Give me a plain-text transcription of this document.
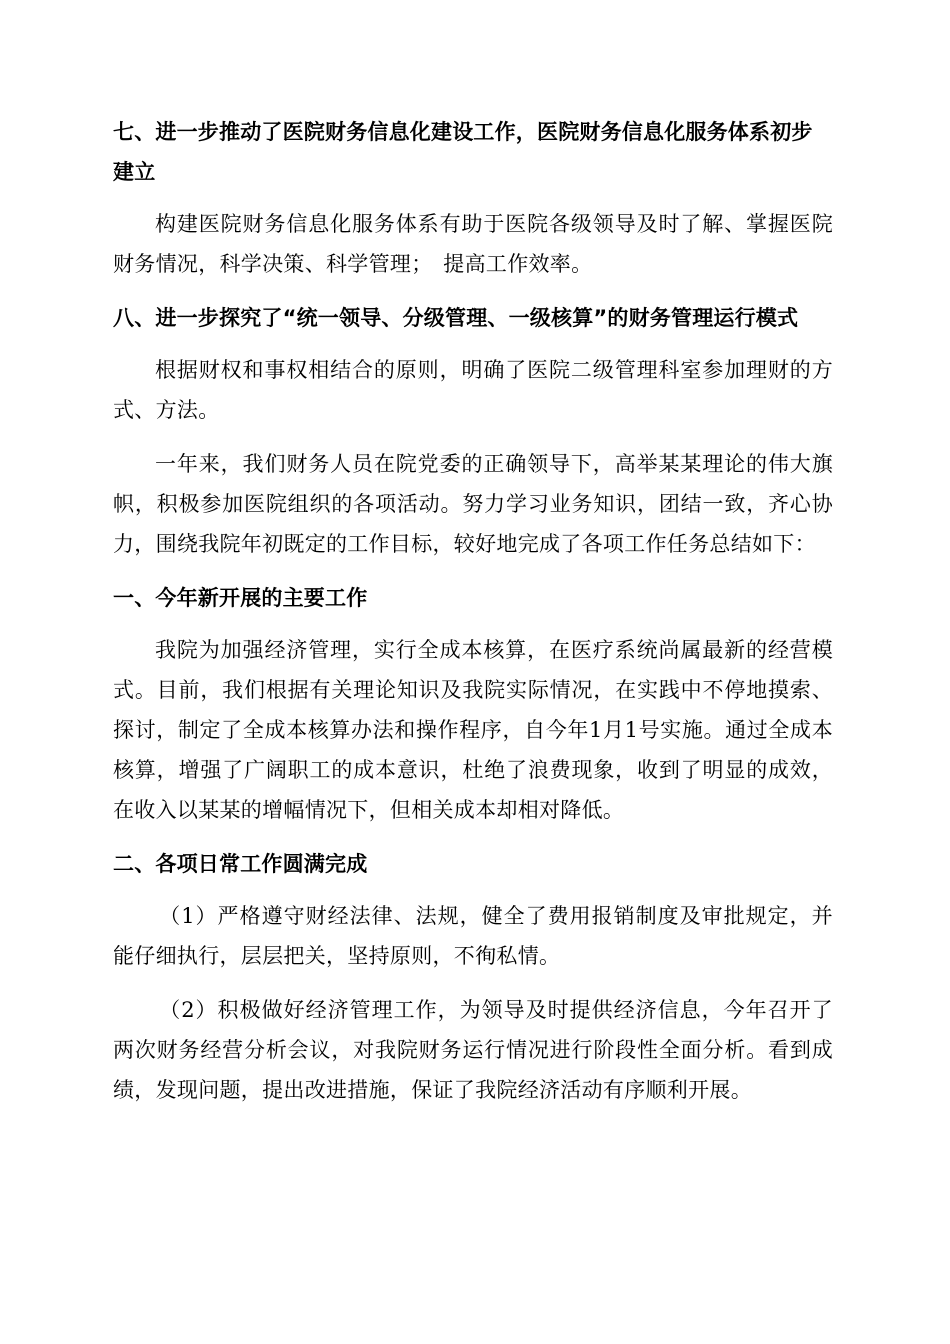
七、进一步推动了医院财务信息化建设工作，医院财务信息化服务体系初步建立

构建医院财务信息化服务体系有助于医院各级领导及时了解、掌握医院财务情况，科学决策、科学管理；　提高工作效率。

八、进一步探究了“统一领导、分级管理、一级核算”的财务管理运行模式

根据财权和事权相结合的原则，明确了医院二级管理科室参加理财的方式、方法。

一年来，我们财务人员在院党委的正确领导下，高举某某理论的伟大旗帜，积极参加医院组织的各项活动。努力学习业务知识，团结一致，齐心协力，围绕我院年初既定的工作目标，较好地完成了各项工作任务总结如下：

一、今年新开展的主要工作

我院为加强经济管理，实行全成本核算，在医疗系统尚属最新的经营模式。目前，我们根据有关理论知识及我院实际情况，在实践中不停地摸索、探讨，制定了全成本核算办法和操作程序，自今年1月1号实施。通过全成本核算，增强了广阔职工的成本意识，杜绝了浪费现象，收到了明显的成效，在收入以某某的增幅情况下，但相关成本却相对降低。

二、各项日常工作圆满完成

（1）严格遵守财经法律、法规，健全了费用报销制度及审批规定，并能仔细执行，层层把关，坚持原则，不徇私情。

（2）积极做好经济管理工作，为领导及时提供经济信息，今年召开了两次财务经营分析会议，对我院财务运行情况进行阶段性全面分析。看到成绩，发现问题，提出改进措施，保证了我院经济活动有序顺利开展。
